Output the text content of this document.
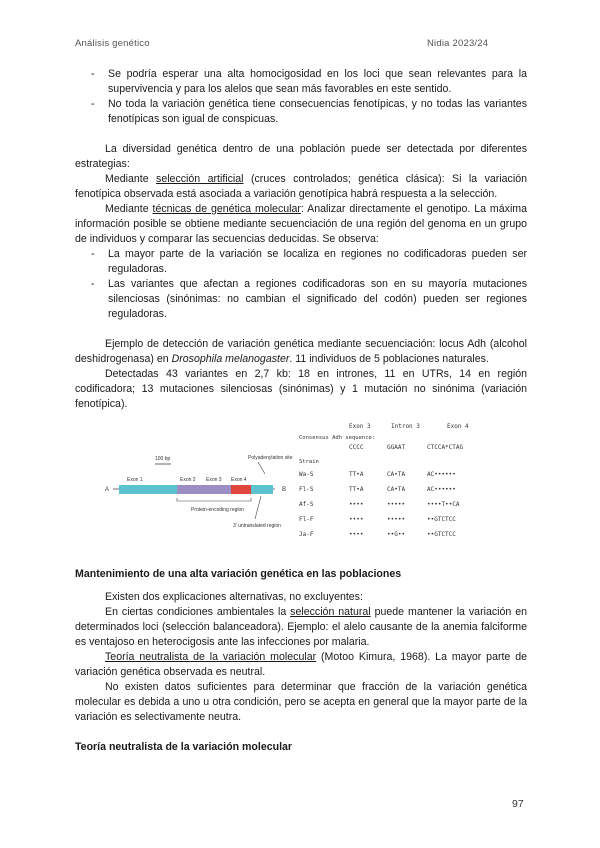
Análisis genético	Nidia 2023/24
- Se podría esperar una alta homocigosidad en los loci que sean relevantes para la supervivencia y para los alelos que sean más favorables en este sentido.
- No toda la variación genética tiene consecuencias fenotípicas, y no todas las variantes fenotípicas son igual de conspicuas.

La diversidad genética dentro de una población puede ser detectada por diferentes estrategias:

Mediante selección artificial (cruces controlados; genética clásica): Si la variación fenotípica observada está asociada a variación genotípica habrá respuesta a la selección.

Mediante técnicas de genética molecular: Analizar directamente el genotipo. La máxima información posible se obtiene mediante secuenciación de una región del genoma en un grupo de individuos y comparar las secuencias deducidas. Se observa:

- La mayor parte de la variación se localiza en regiones no codificadoras pueden ser reguladoras.
- Las variantes que afectan a regiones codificadoras son en su mayoría mutaciones silenciosas (sinónimas: no cambian el significado del codón) pueden ser regiones reguladoras.

Ejemplo de detección de variación genética mediante secuenciación: locus Adh (alcohol deshidrogenasa) en Drosophila melanogaster. 11 individuos de 5 poblaciones naturales.

Detectadas 43 variantes en 2,7 kb: 18 en intrones, 11 en UTRs, 14 en región codificadora; 13 mutaciones silenciosas (sinónimas) y 1 mutación no sinónima (variación fenotípica).

100 bp	Polyadenylation site
A	B
Exon 1	Exon 2 Exon 3 Exon 4
Protein-encoding region
3' untranslated region
Exon 3	Intron 3	Exon 4
Consensus Adh sequence:
CCCC	GGAAT	CTCCA*CTAG
Strain
Wa-S	TT•A	CA•TA	AC••••••
Fl-S	TT•A	CA•TA	AC••••••
Af-S	••••	•••••	••••T••CA
Fl-F	••••	•••••	••GTCTCC
Ja-F	••••	••G••	••GTCTCC

Mantenimiento de una alta variación genética en las poblaciones

Existen dos explicaciones alternativas, no excluyentes:

En ciertas condiciones ambientales la selección natural puede mantener la variación en determinados loci (selección balanceadora). Ejemplo: el alelo causante de la anemia falciforme es ventajoso en heterocigosis ante las infecciones por malaria.

Teoría neutralista de la variación molecular (Motoo Kimura, 1968). La mayor parte de variación genética observada es neutral.

No existen datos suficientes para determinar que fracción de la variación genética molecular es debida a uno u otra condición, pero se acepta en general que la mayor parte de la variación es selectivamente neutra.

Teoría neutralista de la variación molecular

97
